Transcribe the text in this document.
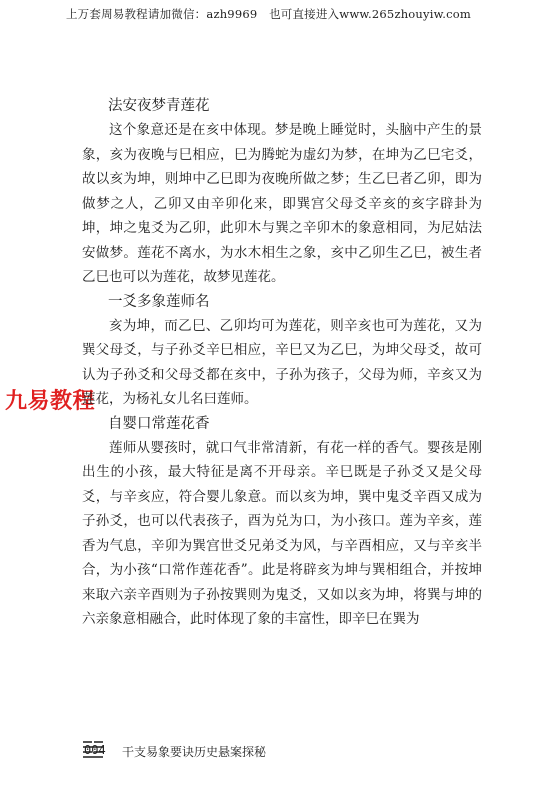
上万套周易教程请加微信：azh9969　也可直接进入www.265zhouyiw.com
九易教程
法安夜梦青莲花

这个象意还是在亥中体现。梦是晚上睡觉时，头脑中产生的景象，亥为夜晚与巳相应，巳为腾蛇为虚幻为梦，在坤为乙巳宅爻，故以亥为坤，则坤中乙巳即为夜晚所做之梦；生乙巳者乙卯，即为做梦之人，乙卯又由辛卯化来，即巽宫父母爻辛亥的亥字辟卦为坤，坤之鬼爻为乙卯，此卯木与巽之辛卯木的象意相同，为尼姑法安做梦。莲花不离水，为水木相生之象，亥中乙卯生乙巳，被生者乙巳也可以为莲花，故梦见莲花。

一爻多象莲师名

亥为坤，而乙巳、乙卯均可为莲花，则辛亥也可为莲花，又为巽父母爻，与子孙爻辛巳相应，辛巳又为乙巳，为坤父母爻，故可认为子孙爻和父母爻都在亥中，子孙为孩子，父母为师，辛亥又为莲花，为杨礼女儿名曰莲师。

自婴口常莲花香

莲师从婴孩时，就口气非常清新，有花一样的香气。婴孩是刚出生的小孩，最大特征是离不开母亲。辛巳既是子孙爻又是父母爻，与辛亥应，符合婴儿象意。而以亥为坤，巽中鬼爻辛酉又成为子孙爻，也可以代表孩子，酉为兑为口，为小孩口。莲为辛亥，莲香为气息，辛卯为巽宫世爻兄弟爻为风，与辛酉相应，又与辛亥半合，为小孩“口常作莲花香”。此是将辟亥为坤与巽相组合，并按坤来取六亲辛酉则为子孙按巽则为鬼爻，又如以亥为坤，将巽与坤的六亲象意相融合，此时体现了象的丰富性，即辛巳在巽为

004 干支易象要诀历史悬案探秘
